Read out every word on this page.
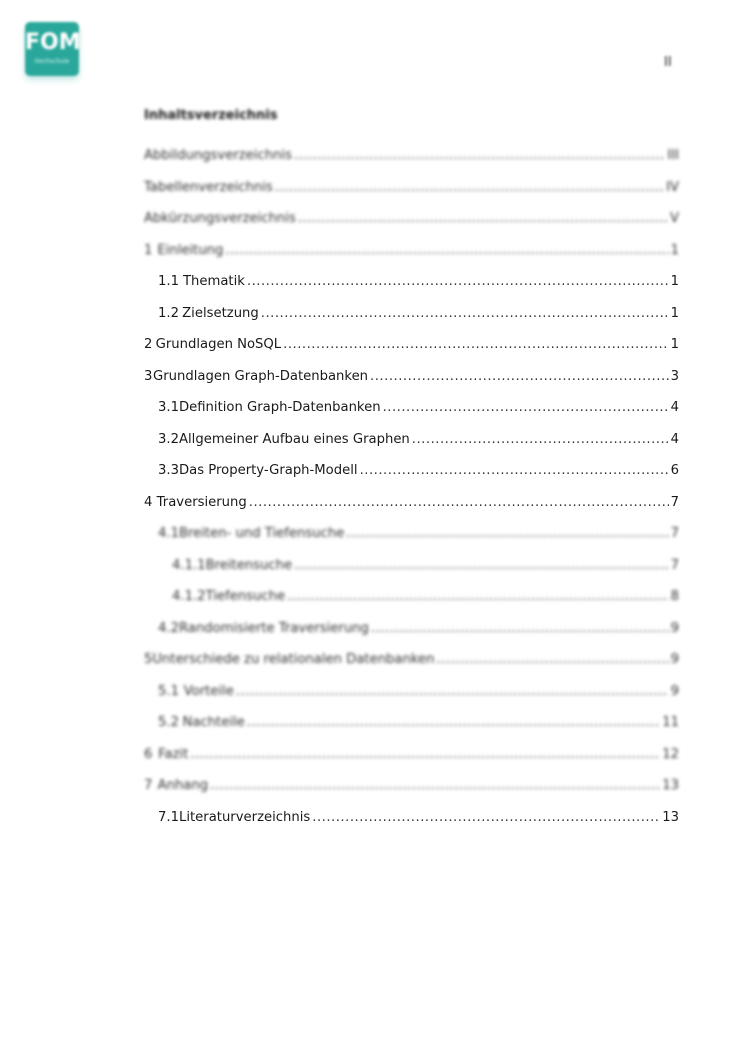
FOM
Hochschule	II
Inhaltsverzeichnis
Abbildungsverzeichnis .....	III
Tabellenverzeichnis .....	IV
Abkürzungsverzeichnis .....	V
1 Einleitung .....	1
1.1 Thematik .....	1
1.2 Zielsetzung .....	1
2 Grundlagen NoSQL .....	1
3 Grundlagen Graph-Datenbanken .....	3
3.1 Definition Graph-Datenbanken .....	4
3.2 Allgemeiner Aufbau eines Graphen .....	4
3.3 Das Property-Graph-Modell .....	6
4 Traversierung .....	7
4.1 Breiten- und Tiefensuche .....	7
4.1.1 Breitensuche .....	7
4.1.2 Tiefensuche .....	8
4.2 Randomisierte Traversierung .....	9
5 Unterschiede zu relationalen Datenbanken .....	9
5.1 Vorteile .....	9
5.2 Nachteile .....	11
6 Fazit .....	12
7 Anhang .....	13
7.1 Literaturverzeichnis .....	13
